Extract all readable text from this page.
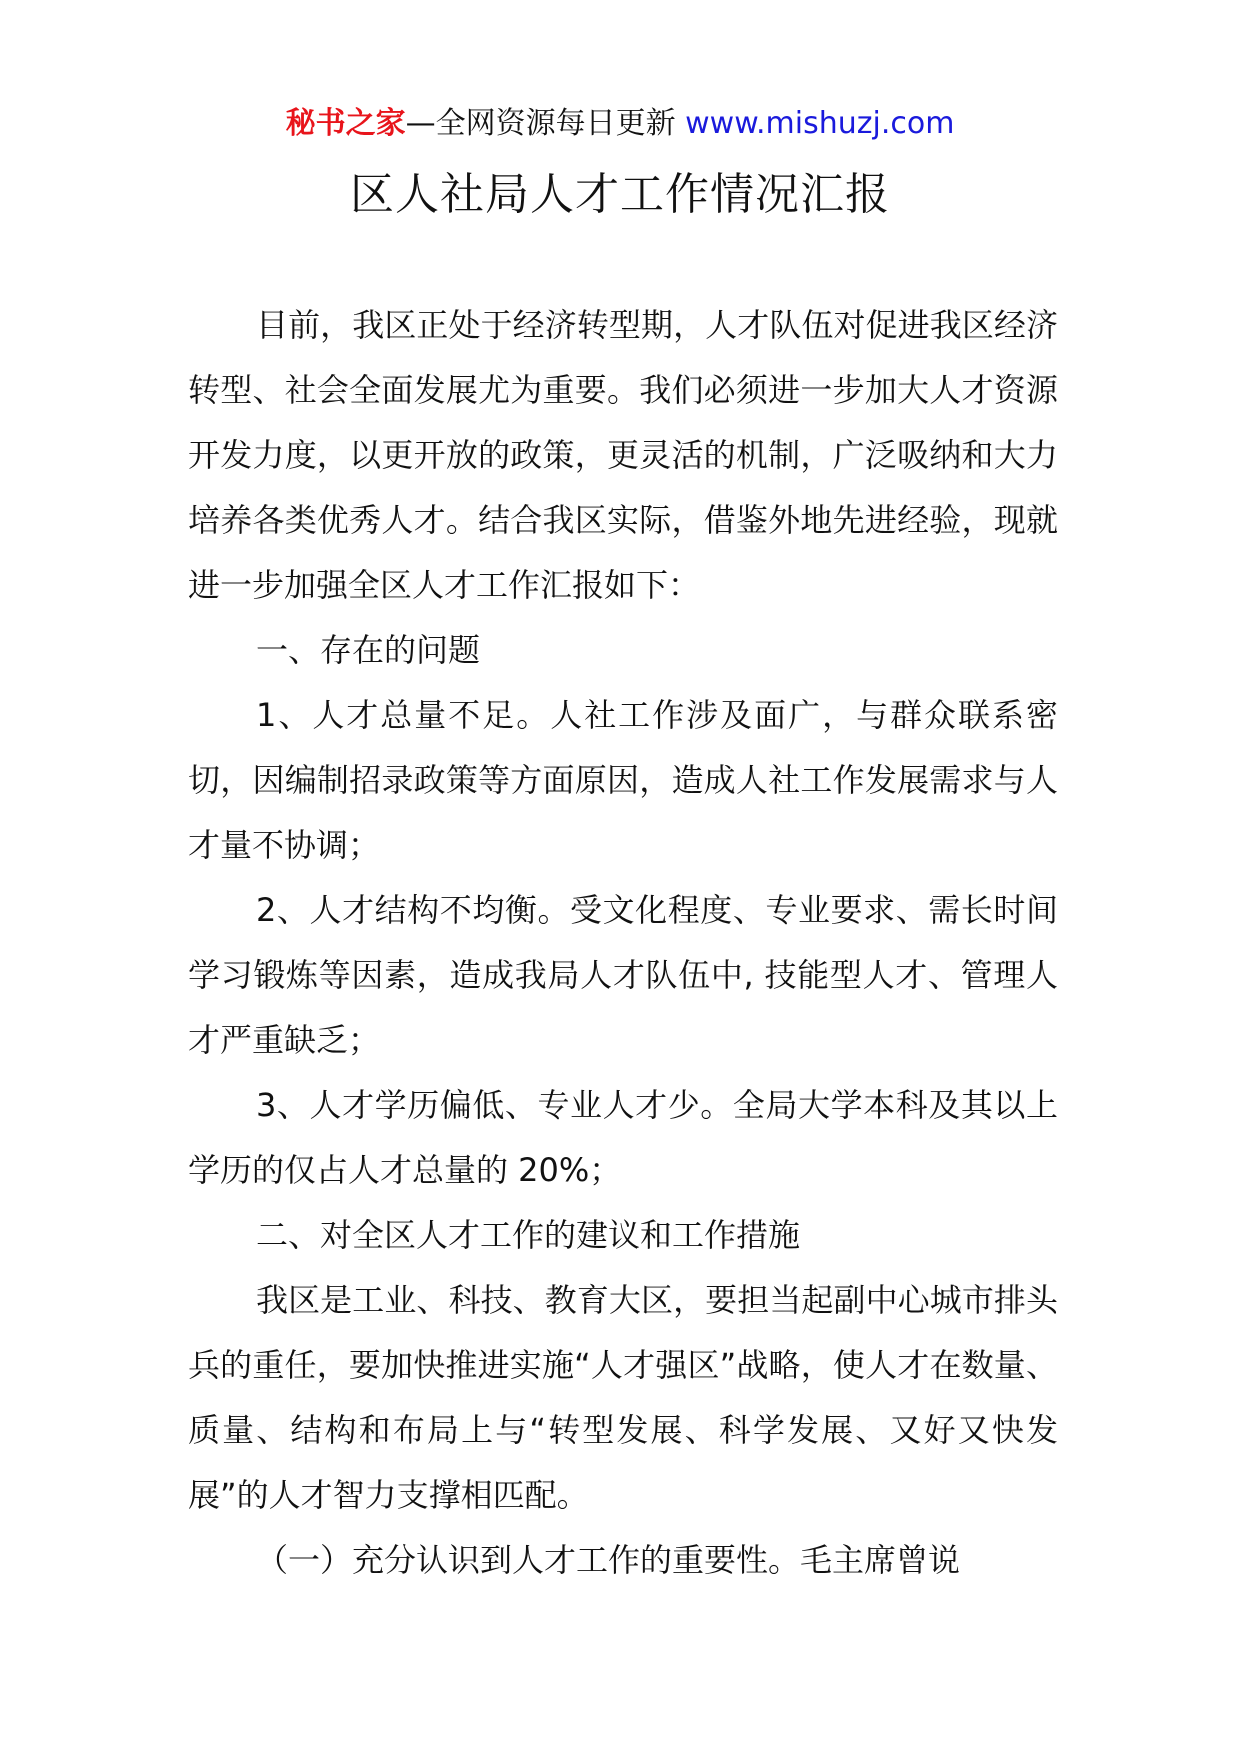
秘书之家—全网资源每日更新 www.mishuzj.com
区人社局人才工作情况汇报

目前，我区正处于经济转型期，人才队伍对促进我区经济转型、社会全面发展尤为重要。我们必须进一步加大人才资源开发力度，以更开放的政策，更灵活的机制，广泛吸纳和大力培养各类优秀人才。结合我区实际，借鉴外地先进经验，现就进一步加强全区人才工作汇报如下：

一、存在的问题

1、人才总量不足。人社工作涉及面广，与群众联系密切，因编制招录政策等方面原因，造成人社工作发展需求与人才量不协调；

2、人才结构不均衡。受文化程度、专业要求、需长时间学习锻炼等因素，造成我局人才队伍中, 技能型人才、管理人才严重缺乏；

3、人才学历偏低、专业人才少。全局大学本科及其以上学历的仅占人才总量的 20%；

二、对全区人才工作的建议和工作措施

我区是工业、科技、教育大区，要担当起副中心城市排头兵的重任，要加快推进实施“人才强区”战略，使人才在数量、质量、结构和布局上与“转型发展、科学发展、又好又快发展”的人才智力支撑相匹配。

（一）充分认识到人才工作的重要性。毛主席曾说
